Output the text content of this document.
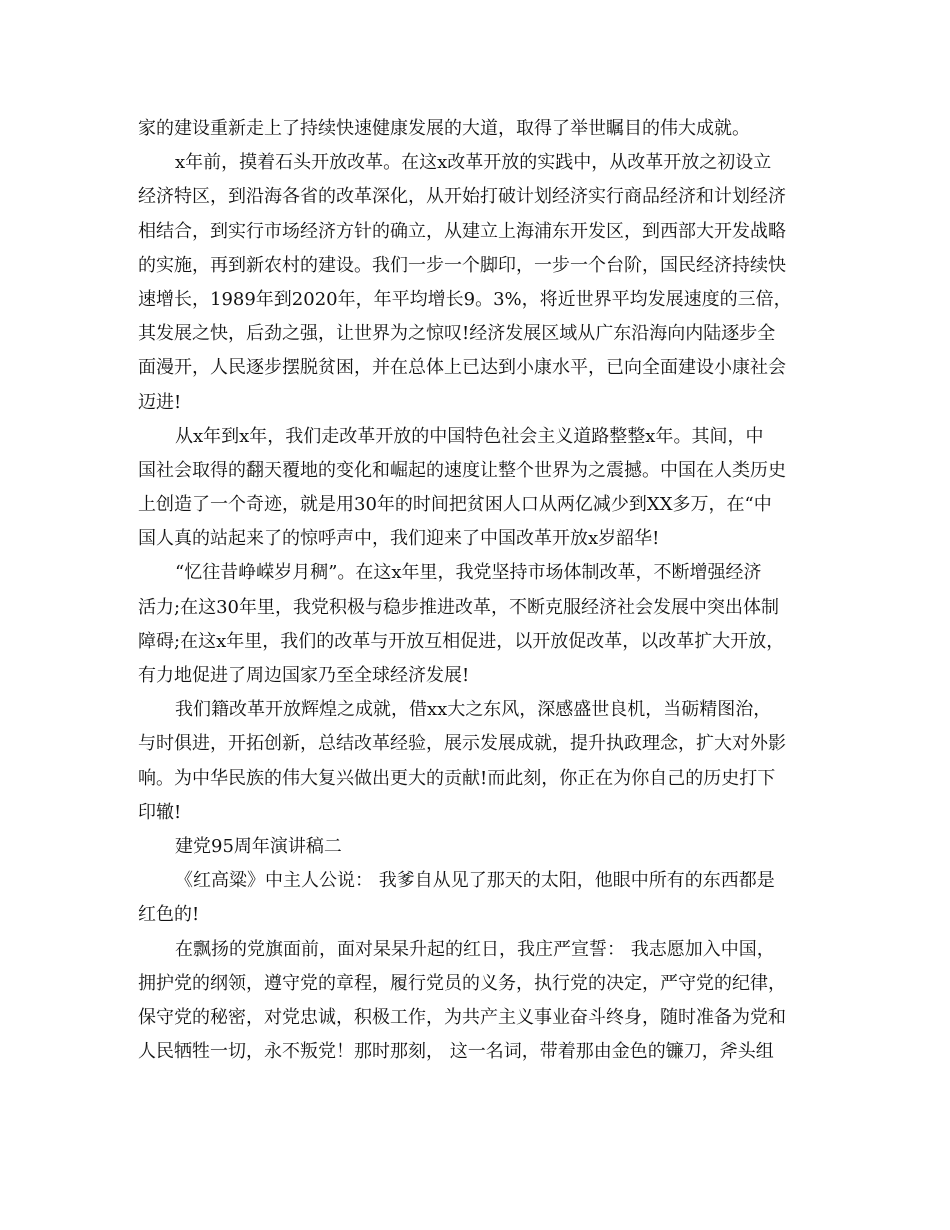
家的建设重新走上了持续快速健康发展的大道，取得了举世瞩目的伟大成就。
x年前，摸着石头开放改革。在这x改革开放的实践中，从改革开放之初设立
经济特区，到沿海各省的改革深化，从开始打破计划经济实行商品经济和计划经济
相结合，到实行市场经济方针的确立，从建立上海浦东开发区，到西部大开发战略
的实施，再到新农村的建设。我们一步一个脚印，一步一个台阶，国民经济持续快
速增长，1989年到2020年，年平均增长9。3%，将近世界平均发展速度的三倍，
其发展之快，后劲之强，让世界为之惊叹!经济发展区域从广东沿海向内陆逐步全
面漫开，人民逐步摆脱贫困，并在总体上已达到小康水平，已向全面建设小康社会
迈进!
从x年到x年，我们走改革开放的中国特色社会主义道路整整x年。其间，中
国社会取得的翻天覆地的变化和崛起的速度让整个世界为之震撼。中国在人类历史
上创造了一个奇迹，就是用30年的时间把贫困人口从两亿减少到XX多万，在“中
国人真的站起来了的惊呼声中，我们迎来了中国改革开放x岁韶华!
“忆往昔峥嵘岁月稠”。在这x年里，我党坚持市场体制改革，不断增强经济
活力;在这30年里，我党积极与稳步推进改革，不断克服经济社会发展中突出体制
障碍;在这x年里，我们的改革与开放互相促进，以开放促改革，以改革扩大开放，
有力地促进了周边国家乃至全球经济发展!
我们籍改革开放辉煌之成就，借xx大之东风，深感盛世良机，当砺精图治，
与时俱进，开拓创新，总结改革经验，展示发展成就，提升执政理念，扩大对外影
响。为中华民族的伟大复兴做出更大的贡献!而此刻，你正在为你自己的历史打下
印辙!
建党95周年演讲稿二
《红高粱》中主人公说： 我爹自从见了那天的太阳，他眼中所有的东西都是
红色的!
在飘扬的党旗面前，面对杲杲升起的红日，我庄严宣誓： 我志愿加入中国，
拥护党的纲领，遵守党的章程，履行党员的义务，执行党的决定，严守党的纪律，
保守党的秘密，对党忠诚，积极工作，为共产主义事业奋斗终身，随时准备为党和
人民牺牲一切，永不叛党！那时那刻， 这一名词，带着那由金色的镰刀，斧头组
